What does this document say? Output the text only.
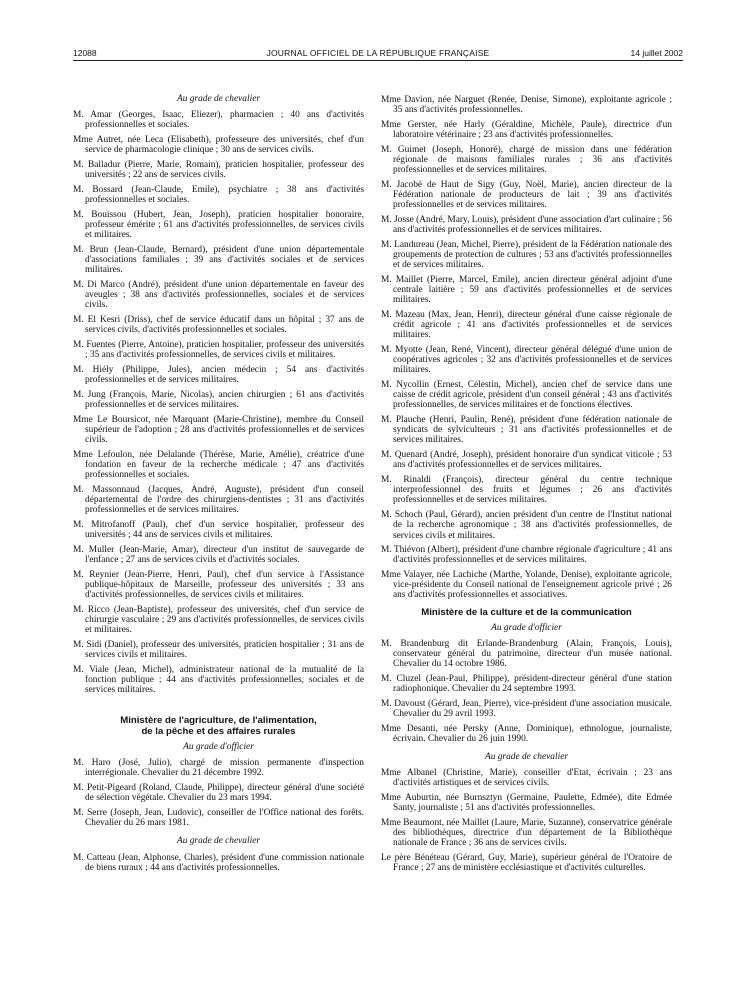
12088	JOURNAL OFFICIEL DE LA RÉPUBLIQUE FRANÇAISE	14 juillet 2002
Au grade de chevalier

M. Amar (Georges, Isaac, Eliezer), pharmacien ; 40 ans d'activités professionnelles et sociales.

Mme Autret, née Leca (Elisabeth), professeure des universités, chef d'un service de pharmacologie clinique ; 30 ans de services civils.

M. Balladur (Pierre, Marie, Romain), praticien hospitalier, professeur des universités ; 22 ans de services civils.

M. Bossard (Jean-Claude, Emile), psychiatre ; 38 ans d'activités professionnelles et sociales.

M. Bouissou (Hubert, Jean, Joseph), praticien hospitalier honoraire, professeur émérite ; 61 ans d'activités professionnelles, de services civils et militaires.

M. Brun (Jean-Claude, Bernard), président d'une union départementale d'associations familiales ; 39 ans d'activités sociales et de services militaires.

M. Di Marco (André), président d'une union départementale en faveur des aveugles ; 38 ans d'activités professionnelles, sociales et de services civils.

M. El Kesri (Driss), chef de service éducatif dans un hôpital ; 37 ans de services civils, d'activités professionnelles et sociales.

M. Fuentes (Pierre, Antoine), praticien hospitalier, professeur des universités ; 35 ans d'activités professionnelles, de services civils et militaires.

M. Hiély (Philippe, Jules), ancien médecin ; 54 ans d'activités professionnelles et de services militaires.

M. Jung (François, Marie, Nicolas), ancien chirurgien ; 61 ans d'activités professionnelles et de services militaires.

Mme Le Boursicot, née Marquant (Marie-Christine), membre du Conseil supérieur de l'adoption ; 28 ans d'activités professionnelles et de services civils.

Mme Lefoulon, née Delalande (Thérèse, Marie, Amélie), créatrice d'une fondation en faveur de la recherche médicale ; 47 ans d'activités professionnelles et sociales.

M. Massonnaud (Jacques, André, Auguste), président d'un conseil départemental de l'ordre des chirurgiens-dentistes ; 31 ans d'activités professionnelles et de services militaires.

M. Mitrofanoff (Paul), chef d'un service hospitalier, professeur des universités ; 44 ans de services civils et militaires.

M. Muller (Jean-Marie, Amar), directeur d'un institut de sauvegarde de l'enfance ; 27 ans de services civils et d'activités sociales.

M. Reynier (Jean-Pierre, Henri, Paul), chef d'un service à l'Assistance publique-hôpitaux de Marseille, professeur des universités ; 33 ans d'activités professionnelles, de services civils et militaires.

M. Ricco (Jean-Baptiste), professeur des universités, chef d'un service de chirurgie vasculaire ; 29 ans d'activités professionnelles, de services civils et militaires.

M. Sidi (Daniel), professeur des universités, praticien hospitalier ; 31 ans de services civils et militaires.

M. Viale (Jean, Michel), administrateur national de la mutualité de la fonction publique ; 44 ans d'activités professionnelles, sociales et de services militaires.

Ministère de l'agriculture, de l'alimentation,
de la pêche et des affaires rurales
Au grade d'officier

M. Haro (José, Julio), chargé de mission permanente d'inspection interrégionale. Chevalier du 21 décembre 1992.

M. Petit-Pigeard (Roland, Claude, Philippe), directeur général d'une société de sélection végétale. Chevalier du 23 mars 1994.

M. Serre (Joseph, Jean, Ludovic), conseiller de l'Office national des forêts. Chevalier du 26 mars 1981.

Au grade de chevalier

M. Catteau (Jean, Alphonse, Charles), président d'une commission nationale de biens ruraux ; 44 ans d'activités professionnelles.

Mme Davion, née Narguet (Renée, Denise, Simone), exploitante agricole ; 35 ans d'activités professionnelles.

Mme Gerster, née Harly (Géraldine, Michèle, Paule), directrice d'un laboratoire vétérinaire ; 23 ans d'activités professionnelles.

M. Guimet (Joseph, Honoré), chargé de mission dans une fédération régionale de maisons familiales rurales ; 36 ans d'activités professionnelles et de services militaires.

M. Jacobé de Haut de Sigy (Guy, Noël, Marie), ancien directeur de la Fédération nationale de producteurs de lait ; 39 ans d'activités professionnelles et de services militaires.

M. Josse (André, Mary, Louis), président d'une association d'art culinaire ; 56 ans d'activités professionnelles et de services militaires.

M. Landureau (Jean, Michel, Pierre), président de la Fédération nationale des groupements de protection de cultures ; 53 ans d'activités professionnelles et de services militaires.

M. Maillet (Pierre, Marcel, Emile), ancien directeur général adjoint d'une centrale laitière ; 59 ans d'activités professionnelles et de services militaires.

M. Mazeau (Max, Jean, Henri), directeur général d'une caisse régionale de crédit agricole ; 41 ans d'activités professionnelles et de services militaires.

M. Myotte (Jean, René, Vincent), directeur général délégué d'une union de coopératives agricoles ; 32 ans d'activités professionnelles et de services militaires.

M. Nycollin (Ernest, Célestin, Michel), ancien chef de service dans une caisse de crédit agricole, président d'un conseil général ; 43 ans d'activités professionnelles, de services militaires et de fonctions électives.

M. Plauche (Henri, Paulin, René), président d'une fédération nationale de syndicats de sylviculteurs ; 31 ans d'activités professionnelles et de services militaires.

M. Quenard (André, Joseph), président honoraire d'un syndicat viticole ; 53 ans d'activités professionnelles et de services militaires.

M. Rinaldi (François), directeur général du centre technique interprofessionnel des fruits et légumes ; 26 ans d'activités professionnelles et de services militaires.

M. Schoch (Paul, Gérard), ancien président d'un centre de l'Institut national de la recherche agronomique ; 38 ans d'activités professionnelles, de services civils et militaires.

M. Thiévon (Albert), président d'une chambre régionale d'agriculture ; 41 ans d'activités professionnelles et de services militaires.

Mme Valayer, née Lachiche (Marthe, Yolande, Denise), exploitante agricole, vice-présidente du Conseil national de l'enseignement agricole privé ; 26 ans d'activités professionnelles et associatives.

Ministère de la culture et de la communication
Au grade d'officier

M. Brandenburg dit Erlande-Brandenburg (Alain, François, Louis), conservateur général du patrimoine, directeur d'un musée national. Chevalier du 14 octobre 1986.

M. Cluzel (Jean-Paul, Philippe), président-directeur général d'une station radiophonique. Chevalier du 24 septembre 1993.

M. Davoust (Gérard, Jean, Pierre), vice-président d'une association musicale. Chevalier du 29 avril 1993.

Mme Desanti, née Persky (Anne, Dominique), ethnologue, journaliste, écrivain. Chevalier du 26 juin 1990.

Au grade de chevalier

Mme Albanel (Christine, Marie), conseiller d'Etat, écrivain ; 23 ans d'activités artistiques et de services civils.

Mme Auburtin, née Burnsztyn (Germaine, Paulette, Edmée), dite Edmée Santy, journaliste ; 51 ans d'activités professionnelles.

Mme Beaumont, née Maillet (Laure, Marie, Suzanne), conservatrice générale des bibliothèques, directrice d'un département de la Bibliothèque nationale de France ; 36 ans de services civils.

Le père Bénéteau (Gérard, Guy, Marie), supérieur général de l'Oratoire de France ; 27 ans de ministère ecclésiastique et d'activités culturelles.
